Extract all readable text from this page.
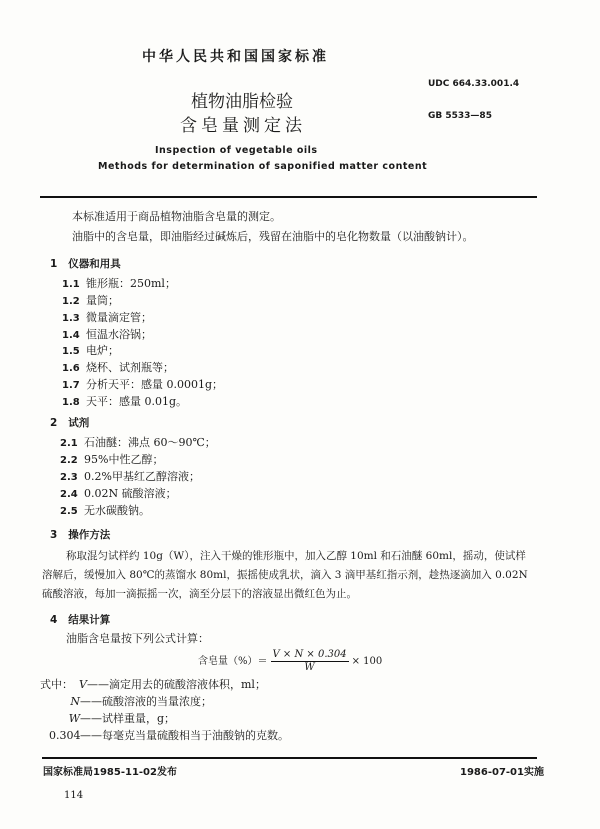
中华人民共和国国家标准
UDC 664.33.001.4
GB 5533—85
植物油脂检验
含皂量测定法
Inspection of vegetable oils
Methods for determination of saponified matter content
本标准适用于商品植物油脂含皂量的测定。
油脂中的含皂量，即油脂经过碱炼后，残留在油脂中的皂化物数量（以油酸钠计）。
1 仪器和用具
1.1 锥形瓶：250ml；
1.2 量筒；
1.3 微量滴定管；
1.4 恒温水浴锅；
1.5 电炉；
1.6 烧杯、试剂瓶等；
1.7 分析天平：感量 0.0001g；
1.8 天平：感量 0.01g。
2 试剂
2.1 石油醚：沸点 60～90℃；
2.2 95%中性乙醇；
2.3 0.2%甲基红乙醇溶液；
2.4 0.02N 硫酸溶液；
2.5 无水碳酸钠。
3 操作方法
称取混匀试样约 10g（W），注入干燥的锥形瓶中，加入乙醇 10ml 和石油醚 60ml，摇动，使试样
溶解后，缓慢加入 80℃的蒸馏水 80ml，振摇使成乳状，滴入 3 滴甲基红指示剂，趁热逐滴加入 0.02N
硫酸溶液，每加一滴振摇一次，滴至分层下的溶液显出微红色为止。
4 结果计算
油脂含皂量按下列公式计算：
含皂量（%）＝ $\frac{V \times N \times 0.304}{W} \times 100$
式中： V——滴定用去的硫酸溶液体积，ml；
N——硫酸溶液的当量浓度；
W——试样重量，g；
0.304——每毫克当量硫酸相当于油酸钠的克数。
国家标准局1985-11-02发布	1986-07-01实施
114
